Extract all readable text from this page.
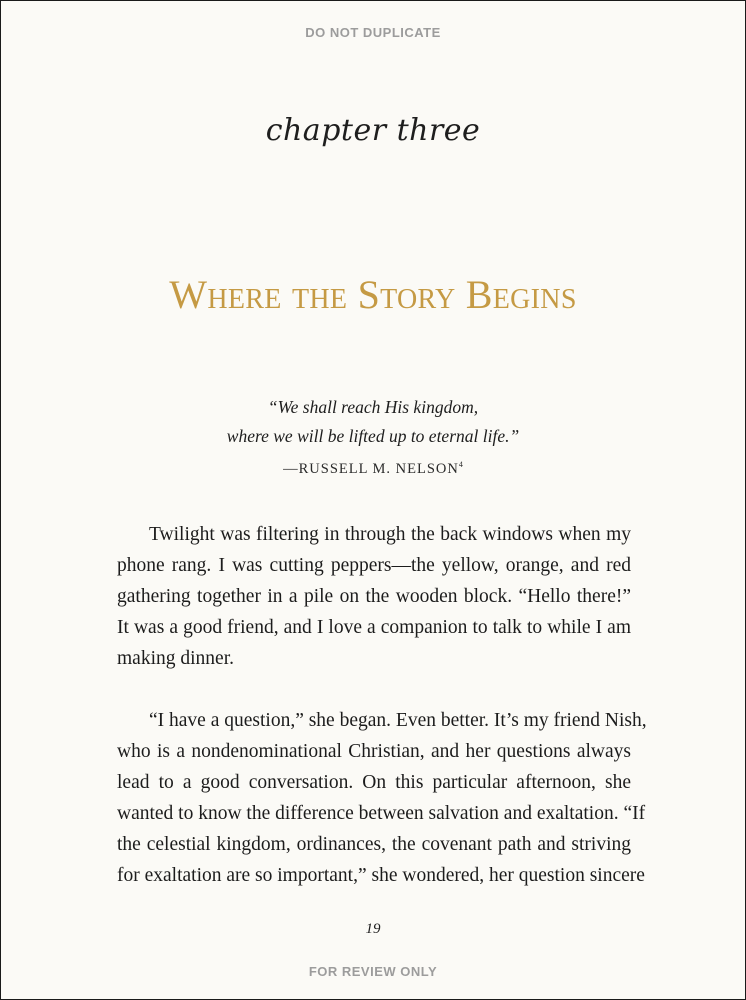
DO NOT DUPLICATE
chapter three
Where the Story Begins
“We shall reach His kingdom,
where we will be lifted up to eternal life.”
—RUSSELL M. NELSON$^4$
Twilight was filtering in through the back windows when my
phone rang. I was cutting peppers—the yellow, orange, and red
gathering together in a pile on the wooden block. “Hello there!”
It was a good friend, and I love a companion to talk to while I am
making dinner.
“I have a question,” she began. Even better. It’s my friend Nish,
who is a nondenominational Christian, and her questions always
lead to a good conversation. On this particular afternoon, she
wanted to know the difference between salvation and exaltation. “If
the celestial kingdom, ordinances, the covenant path and striving
for exaltation are so important,” she wondered, her question sincere
19
FOR REVIEW ONLY
